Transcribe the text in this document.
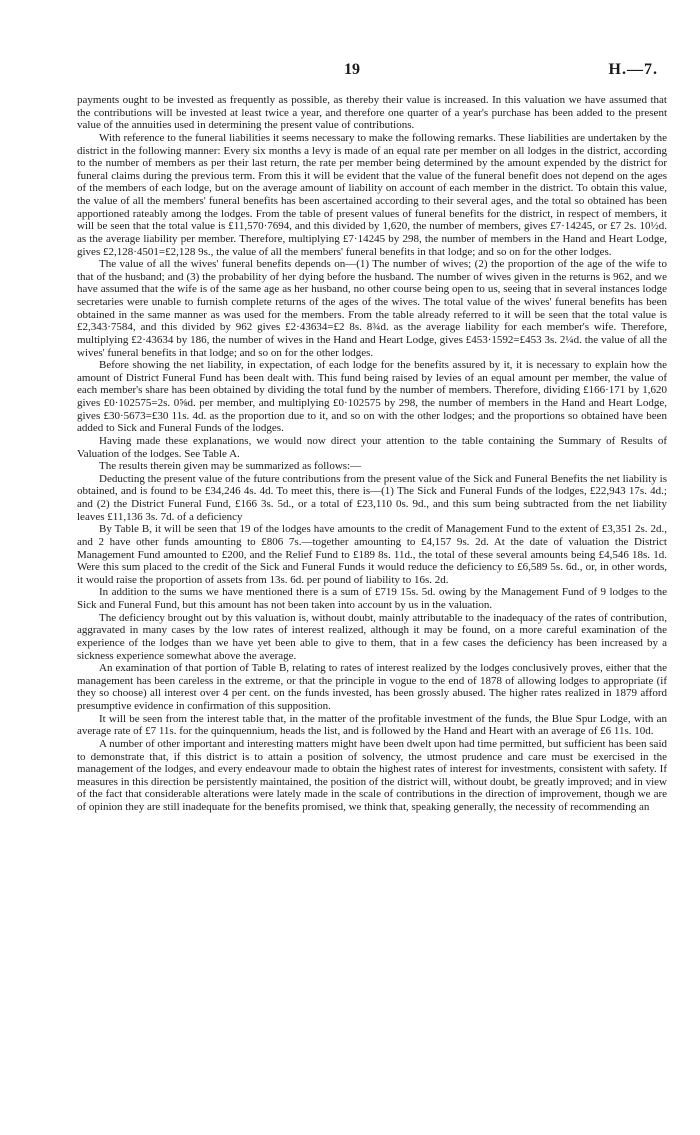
19	H.—7.

payments ought to be invested as frequently as possible, as thereby their value is increased. In this valuation we have assumed that the contributions will be invested at least twice a year, and therefore one quarter of a year's purchase has been added to the present value of the annuities used in determining the present value of contributions.

With reference to the funeral liabilities it seems necessary to make the following remarks. These liabilities are undertaken by the district in the following manner: Every six months a levy is made of an equal rate per member on all lodges in the district, according to the number of members as per their last return, the rate per member being determined by the amount expended by the district for funeral claims during the previous term. From this it will be evident that the value of the funeral benefit does not depend on the ages of the members of each lodge, but on the average amount of liability on account of each member in the district. To obtain this value, the value of all the members' funeral benefits has been ascertained according to their several ages, and the total so obtained has been apportioned rateably among the lodges. From the table of present values of funeral benefits for the district, in respect of members, it will be seen that the total value is £11,570·7694, and this divided by 1,620, the number of members, gives £7·14245, or £7 2s. 10½d. as the average liability per member. Therefore, multiplying £7·14245 by 298, the number of members in the Hand and Heart Lodge, gives £2,128·4501=£2,128 9s., the value of all the members' funeral benefits in that lodge; and so on for the other lodges.

The value of all the wives' funeral benefits depends on—(1) The number of wives; (2) the proportion of the age of the wife to that of the husband; and (3) the probability of her dying before the husband. The number of wives given in the returns is 962, and we have assumed that the wife is of the same age as her husband, no other course being open to us, seeing that in several instances lodge secretaries were unable to furnish complete returns of the ages of the wives. The total value of the wives' funeral benefits has been obtained in the same manner as was used for the members. From the table already referred to it will be seen that the total value is £2,343·7584, and this divided by 962 gives £2·43634=£2 8s. 8¾d. as the average liability for each member's wife. Therefore, multiplying £2·43634 by 186, the number of wives in the Hand and Heart Lodge, gives £453·1592=£453 3s. 2¼d. the value of all the wives' funeral benefits in that lodge; and so on for the other lodges.

Before showing the net liability, in expectation, of each lodge for the benefits assured by it, it is necessary to explain how the amount of District Funeral Fund has been dealt with. This fund being raised by levies of an equal amount per member, the value of each member's share has been obtained by dividing the total fund by the number of members. Therefore, dividing £166·171 by 1,620 gives £0·102575=2s. 0⅝d. per member, and multiplying £0·102575 by 298, the number of members in the Hand and Heart Lodge, gives £30·5673=£30 11s. 4d. as the proportion due to it, and so on with the other lodges; and the proportions so obtained have been added to Sick and Funeral Funds of the lodges.

Having made these explanations, we would now direct your attention to the table containing the Summary of Results of Valuation of the lodges. See Table A.

The results therein given may be summarized as follows:—

Deducting the present value of the future contributions from the present value of the Sick and Funeral Benefits the net liability is obtained, and is found to be £34,246 4s. 4d. To meet this, there is—(1) The Sick and Funeral Funds of the lodges, £22,943 17s. 4d.; and (2) the District Funeral Fund, £166 3s. 5d., or a total of £23,110 0s. 9d., and this sum being subtracted from the net liability leaves £11,136 3s. 7d. of a deficiency

By Table B, it will be seen that 19 of the lodges have amounts to the credit of Management Fund to the extent of £3,351 2s. 2d., and 2 have other funds amounting to £806 7s.—together amounting to £4,157 9s. 2d. At the date of valuation the District Management Fund amounted to £200, and the Relief Fund to £189 8s. 11d., the total of these several amounts being £4,546 18s. 1d. Were this sum placed to the credit of the Sick and Funeral Funds it would reduce the deficiency to £6,589 5s. 6d., or, in other words, it would raise the proportion of assets from 13s. 6d. per pound of liability to 16s. 2d.

In addition to the sums we have mentioned there is a sum of £719 15s. 5d. owing by the Management Fund of 9 lodges to the Sick and Funeral Fund, but this amount has not been taken into account by us in the valuation.

The deficiency brought out by this valuation is, without doubt, mainly attributable to the inadequacy of the rates of contribution, aggravated in many cases by the low rates of interest realized, although it may be found, on a more careful examination of the experience of the lodges than we have yet been able to give to them, that in a few cases the deficiency has been increased by a sickness experience somewhat above the average.

An examination of that portion of Table B, relating to rates of interest realized by the lodges conclusively proves, either that the management has been careless in the extreme, or that the principle in vogue to the end of 1878 of allowing lodges to appropriate (if they so choose) all interest over 4 per cent. on the funds invested, has been grossly abused. The higher rates realized in 1879 afford presumptive evidence in confirmation of this supposition.

It will be seen from the interest table that, in the matter of the profitable investment of the funds, the Blue Spur Lodge, with an average rate of £7 11s. for the quinquennium, heads the list, and is followed by the Hand and Heart with an average of £6 11s. 10d.

A number of other important and interesting matters might have been dwelt upon had time permitted, but sufficient has been said to demonstrate that, if this district is to attain a position of solvency, the utmost prudence and care must be exercised in the management of the lodges, and every endeavour made to obtain the highest rates of interest for investments, consistent with safety. If measures in this direction be persistently maintained, the position of the district will, without doubt, be greatly improved; and in view of the fact that considerable alterations were lately made in the scale of contributions in the direction of improvement, though we are of opinion they are still inadequate for the benefits promised, we think that, speaking generally, the necessity of recommending an
